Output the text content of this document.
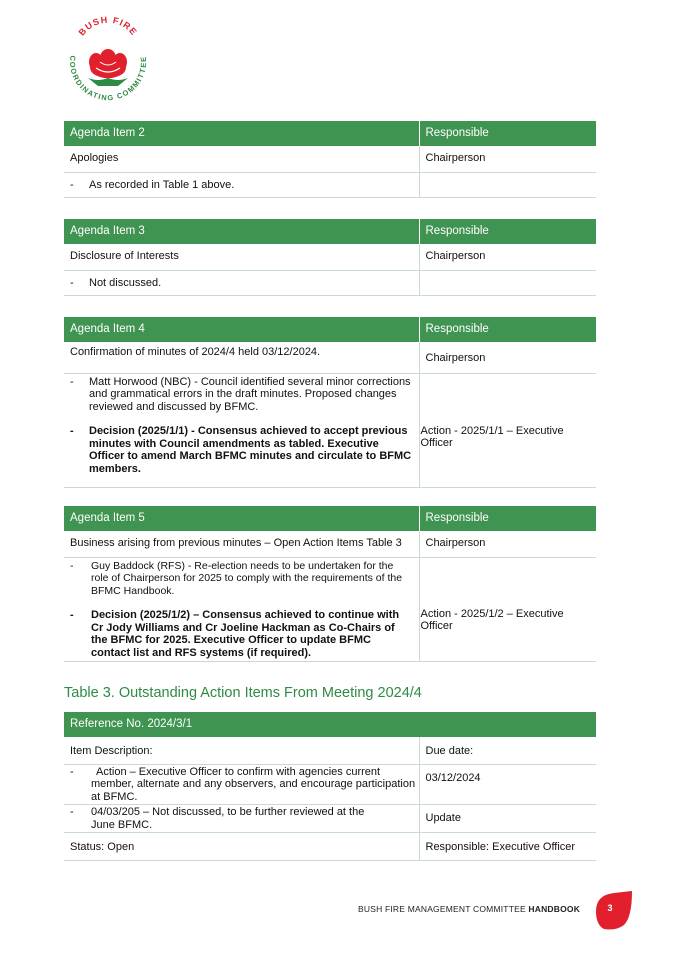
BUSH FIRE
COORDINATING COMMITTEE
Agenda Item 2	Responsible
Apologies	Chairperson

- As recorded in Table 1 above.	

Agenda Item 3	Responsible
Disclosure of Interests	Chairperson

- Not discussed.	

Agenda Item 4	Responsible
Confirmation of minutes of 2024/4 held 03/12/2024.	Chairperson

- Matt Horwood (NBC) - Council identified several minor corrections and grammatical errors in the draft minutes. Proposed changes reviewed and discussed by BFMC.
- Decision (2025/1/1) - Consensus achieved to accept previous minutes with Council amendments as tabled. Executive Officer to amend March BFMC minutes and circulate to BFMC members.	Action - 2025/1/1 – Executive Officer
Agenda Item 5	Responsible
Business arising from previous minutes – Open Action Items Table 3	Chairperson

- Guy Baddock (RFS) - Re-election needs to be undertaken for the role of Chairperson for 2025 to comply with the requirements of the BFMC Handbook.
- Decision (2025/1/2) – Consensus achieved to continue with Cr Jody Williams and Cr Joeline Hackman as Co-Chairs of the BFMC for 2025. Executive Officer to update BFMC contact list and RFS systems (if required).	Action - 2025/1/2 – Executive Officer
Table 3. Outstanding Action Items From Meeting 2024/4
Reference No. 2024/3/1	
Item Description:	Due date:

- Action – Executive Officer to confirm with agencies current member, alternate and any observers, and encourage participation at BFMC.	03/12/2024

- 04/03/205 – Not discussed, to be further reviewed at the June BFMC.	Update
Status: Open	Responsible: Executive Officer
BUSH FIRE MANAGEMENT COMMITTEE HANDBOOK	3
